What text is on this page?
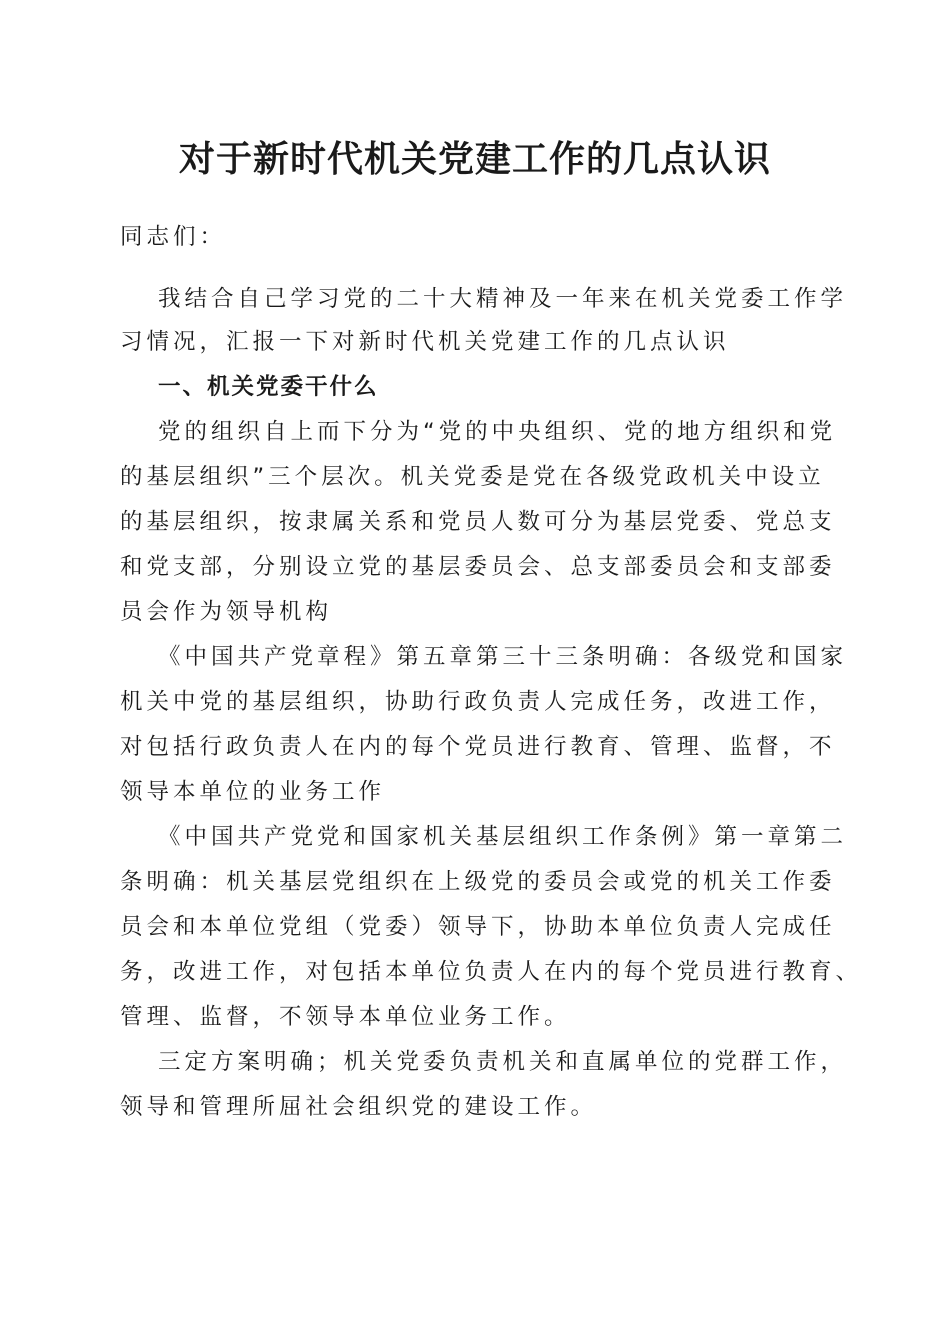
对于新时代机关党建工作的几点认识

同志们：

我结合自己学习党的二十大精神及一年来在机关党委工作学

习情况，汇报一下对新时代机关党建工作的几点认识

一、机关党委干什么

党的组织自上而下分为“党的中央组织、党的地方组织和党

的基层组织”三个层次。机关党委是党在各级党政机关中设立

的基层组织，按隶属关系和党员人数可分为基层党委、党总支

和党支部，分别设立党的基层委员会、总支部委员会和支部委

员会作为领导机构

《中国共产党章程》第五章第三十三条明确：各级党和国家

机关中党的基层组织，协助行政负责人完成任务，改进工作，

对包括行政负责人在内的每个党员进行教育、管理、监督，不

领导本单位的业务工作

《中国共产党党和国家机关基层组织工作条例》第一章第二

条明确：机关基层党组织在上级党的委员会或党的机关工作委

员会和本单位党组（党委）领导下，协助本单位负责人完成任

务，改进工作，对包括本单位负责人在内的每个党员进行教育、

管理、监督，不领导本单位业务工作。

三定方案明确；机关党委负责机关和直属单位的党群工作，

领导和管理所屈社会组织党的建设工作。
